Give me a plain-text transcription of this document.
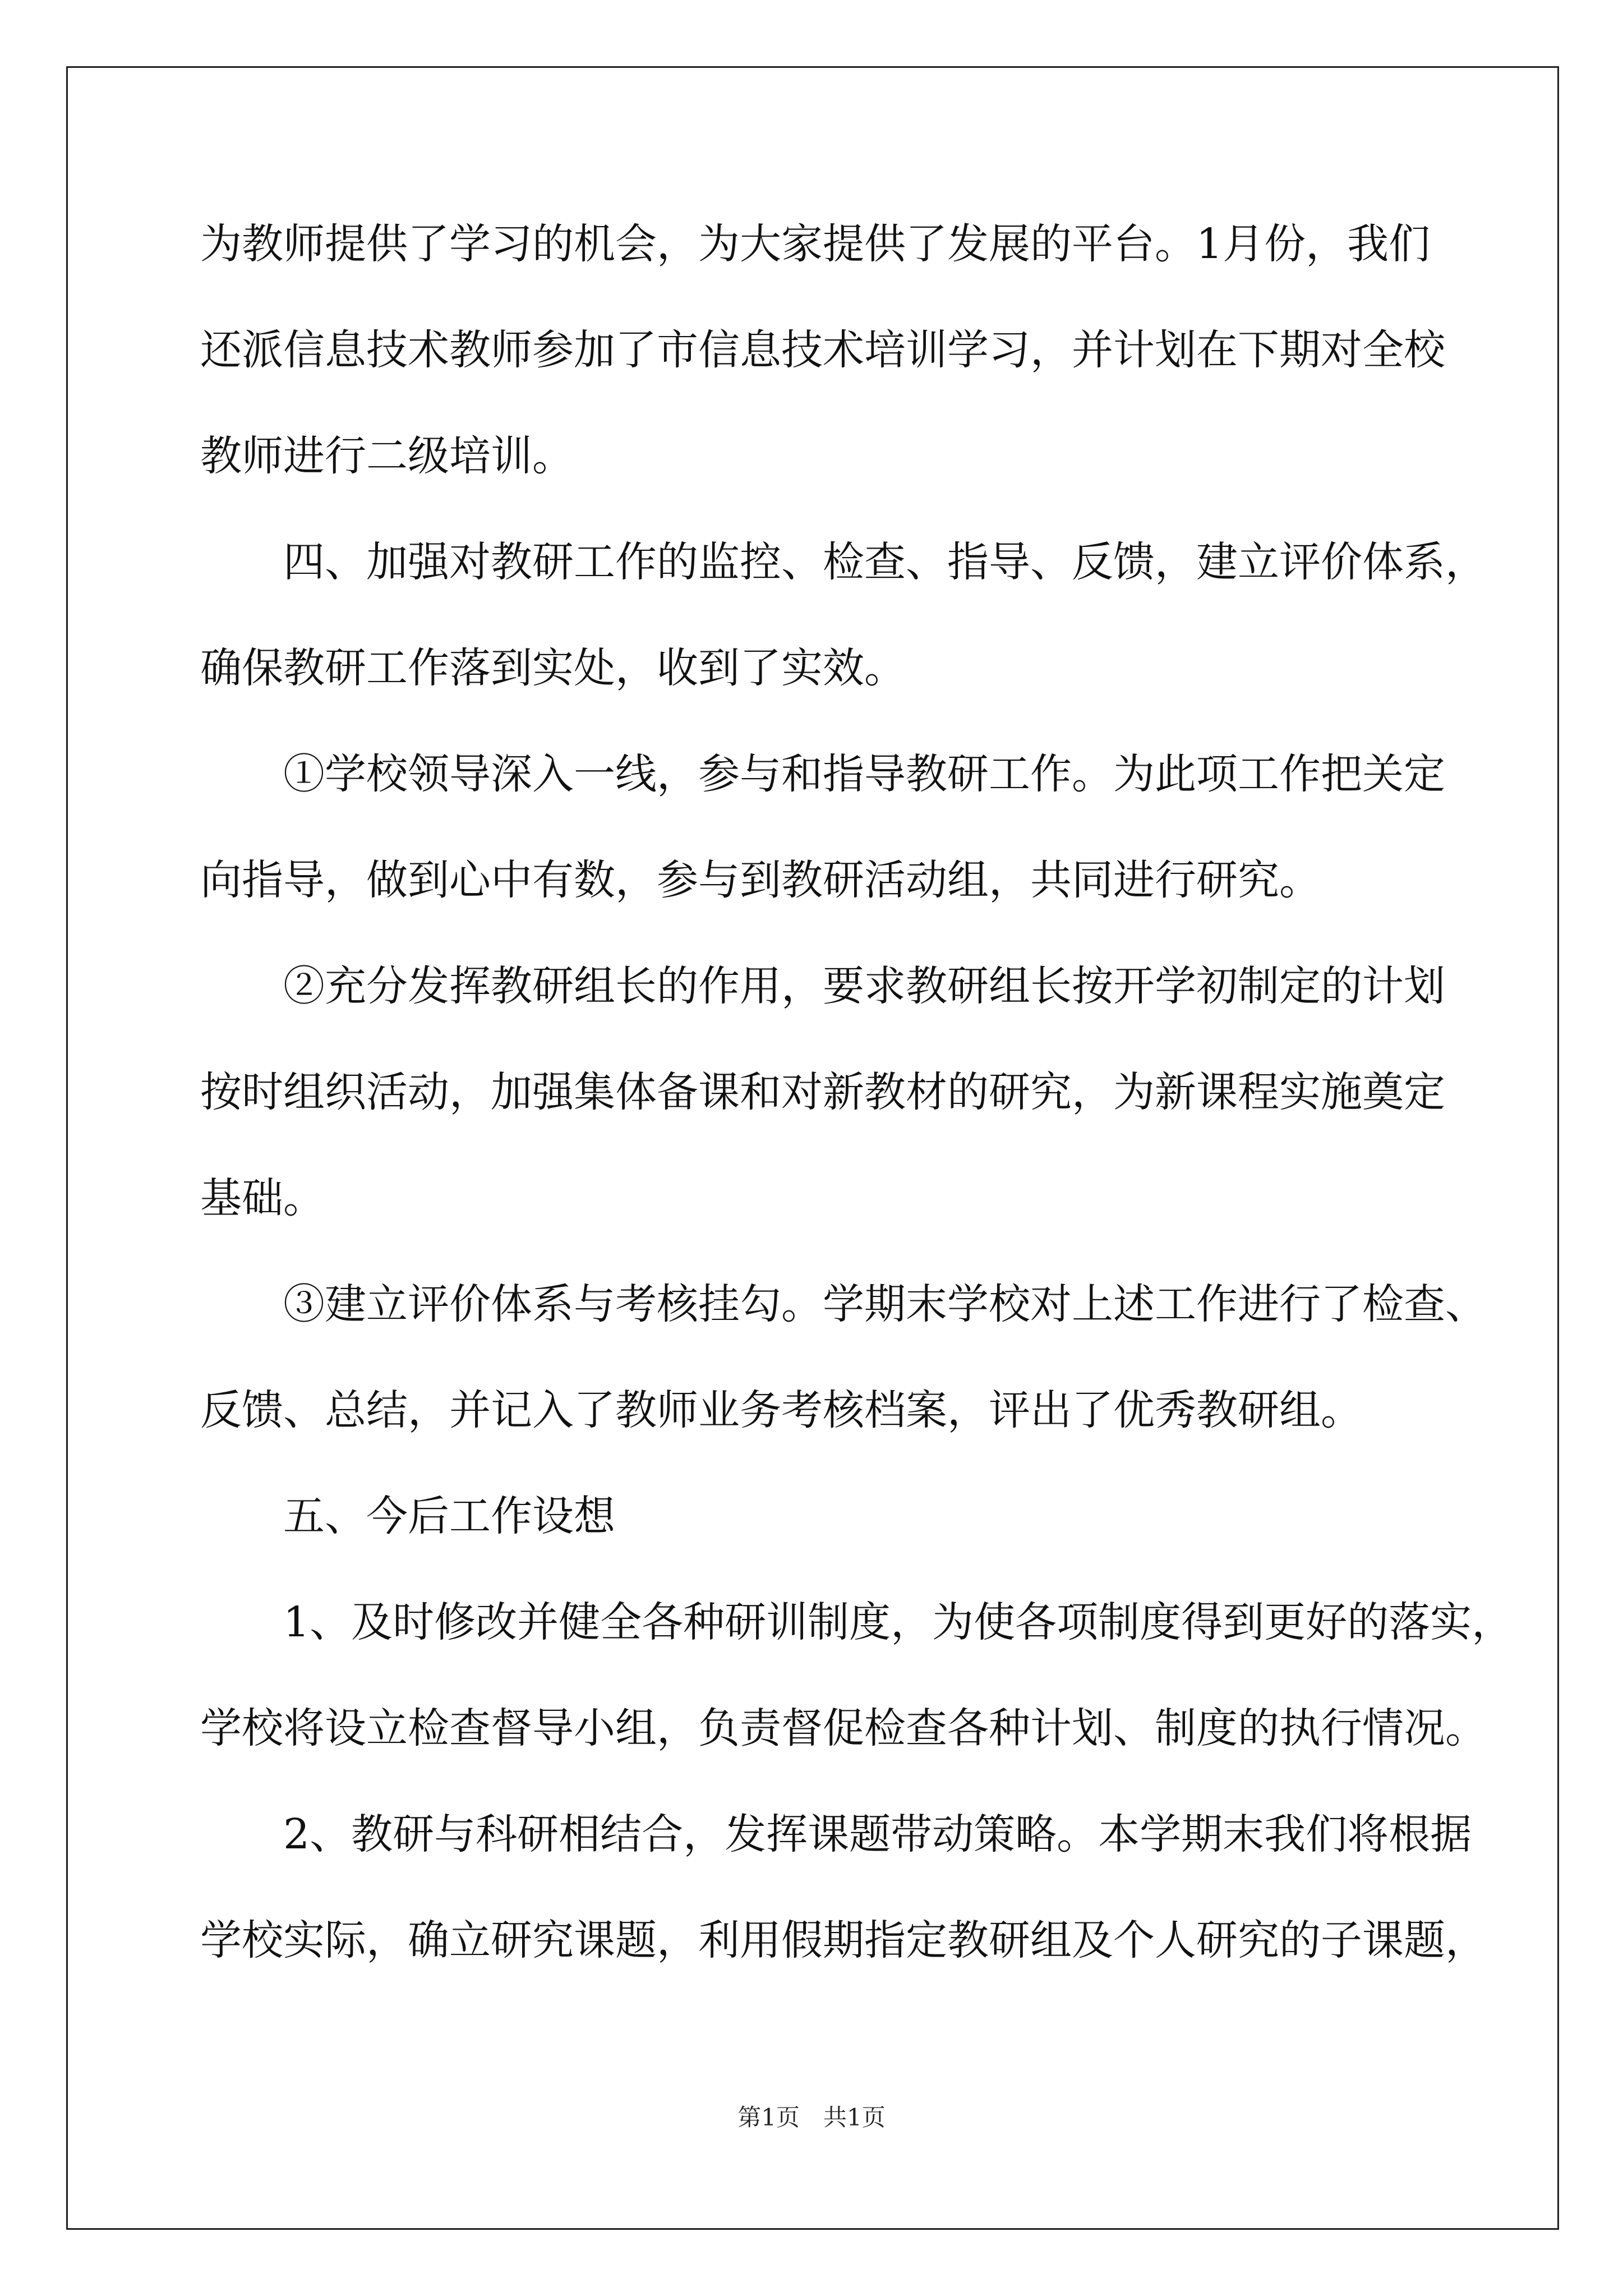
为教师提供了学习的机会，为大家提供了发展的平台。1月份，我们
还派信息技术教师参加了市信息技术培训学习，并计划在下期对全校
教师进行二级培训。
　　四、加强对教研工作的监控、检查、指导、反馈，建立评价体系，
确保教研工作落到实处，收到了实效。
　　①学校领导深入一线，参与和指导教研工作。为此项工作把关定
向指导，做到心中有数，参与到教研活动组，共同进行研究。
　　②充分发挥教研组长的作用，要求教研组长按开学初制定的计划
按时组织活动，加强集体备课和对新教材的研究，为新课程实施奠定
基础。
　　③建立评价体系与考核挂勾。学期末学校对上述工作进行了检查、
反馈、总结，并记入了教师业务考核档案，评出了优秀教研组。
　　五、今后工作设想
　　1、及时修改并健全各种研训制度，为使各项制度得到更好的落实，
学校将设立检查督导小组，负责督促检查各种计划、制度的执行情况。
　　2、教研与科研相结合，发挥课题带动策略。本学期末我们将根据
学校实际，确立研究课题，利用假期指定教研组及个人研究的子课题，
第1页　共1页
